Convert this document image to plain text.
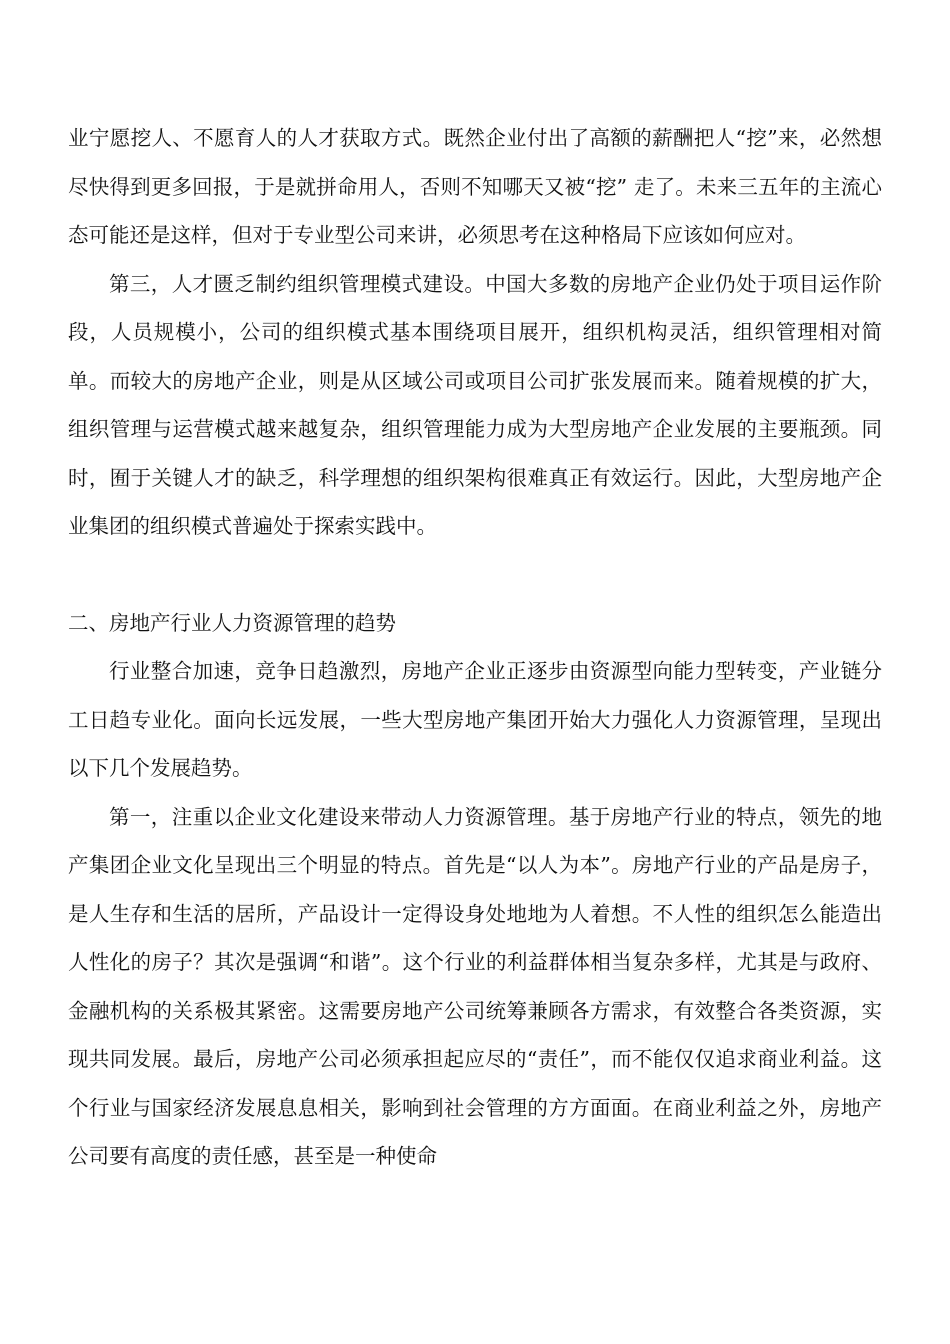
业宁愿挖人、不愿育人的人才获取方式。既然企业付出了高额的薪酬把人“挖”来，必然想尽快得到更多回报，于是就拼命用人，否则不知哪天又被“挖” 走了。未来三五年的主流心态可能还是这样，但对于专业型公司来讲，必须思考在这种格局下应该如何应对。

第三，人才匮乏制约组织管理模式建设。中国大多数的房地产企业仍处于项目运作阶段，人员规模小，公司的组织模式基本围绕项目展开，组织机构灵活，组织管理相对简单。而较大的房地产企业，则是从区域公司或项目公司扩张发展而来。随着规模的扩大，组织管理与运营模式越来越复杂，组织管理能力成为大型房地产企业发展的主要瓶颈。同时，囿于关键人才的缺乏，科学理想的组织架构很难真正有效运行。因此，大型房地产企业集团的组织模式普遍处于探索实践中。

二、房地产行业人力资源管理的趋势

行业整合加速，竞争日趋激烈，房地产企业正逐步由资源型向能力型转变，产业链分工日趋专业化。面向长远发展，一些大型房地产集团开始大力强化人力资源管理，呈现出以下几个发展趋势。

第一，注重以企业文化建设来带动人力资源管理。基于房地产行业的特点，领先的地产集团企业文化呈现出三个明显的特点。首先是“以人为本”。房地产行业的产品是房子，是人生存和生活的居所，产品设计一定得设身处地地为人着想。不人性的组织怎么能造出人性化的房子？其次是强调“和谐”。这个行业的利益群体相当复杂多样，尤其是与政府、金融机构的关系极其紧密。这需要房地产公司统筹兼顾各方需求，有效整合各类资源，实现共同发展。最后，房地产公司必须承担起应尽的“责任”，而不能仅仅追求商业利益。这个行业与国家经济发展息息相关，影响到社会管理的方方面面。在商业利益之外，房地产公司要有高度的责任感，甚至是一种使命
